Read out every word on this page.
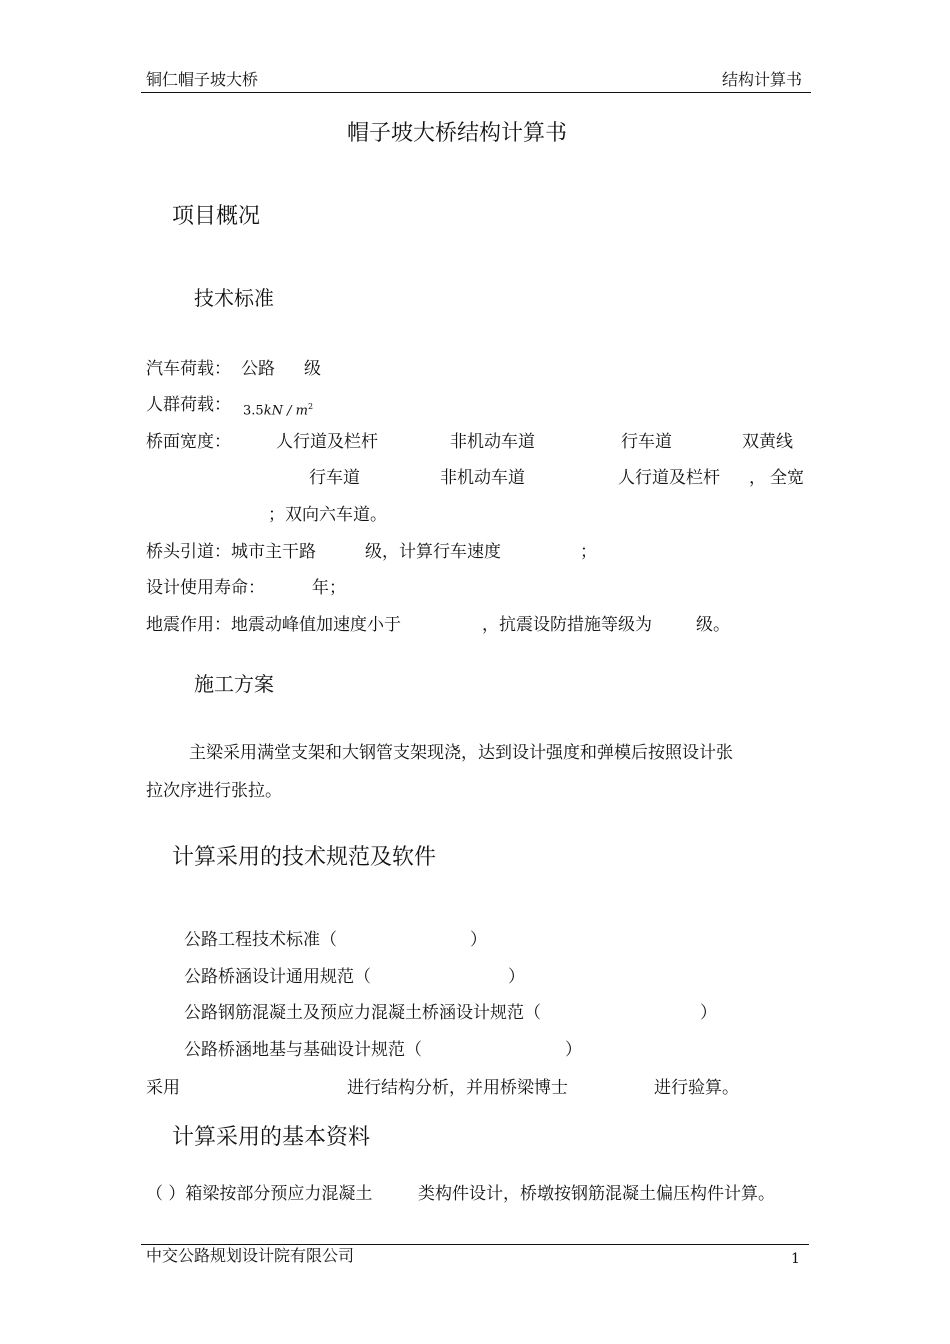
铜仁帽子坡大桥	结构计算书
帽子坡大桥结构计算书
项目概况
技术标准
汽车荷载： 公路 级
人群荷载： $3.5kN / m^2$
桥面宽度：	人行道及栏杆	非机动车道	行车道	双黄线
行车道	非机动车道	人行道及栏杆 ， 全宽
；双向六车道。
桥头引道：城市主干路	级，计算行车速度	；
设计使用寿命：	年；
地震作用：地震动峰值加速度小于	，抗震设防措施等级为	级。
施工方案
主梁采用满堂支架和大钢管支架现浇，达到设计强度和弹模后按照设计张
拉次序进行张拉。
计算采用的技术规范及软件
公路工程技术标准（	）
公路桥涵设计通用规范（	）
公路钢筋混凝土及预应力混凝土桥涵设计规范（	）
公路桥涵地基与基础设计规范（	）
采用	进行结构分析，并用桥梁博士	进行验算。
计算采用的基本资料
（ ）箱梁按部分预应力混凝土	类构件设计，桥墩按钢筋混凝土偏压构件计算。
中交公路规划设计院有限公司	1
